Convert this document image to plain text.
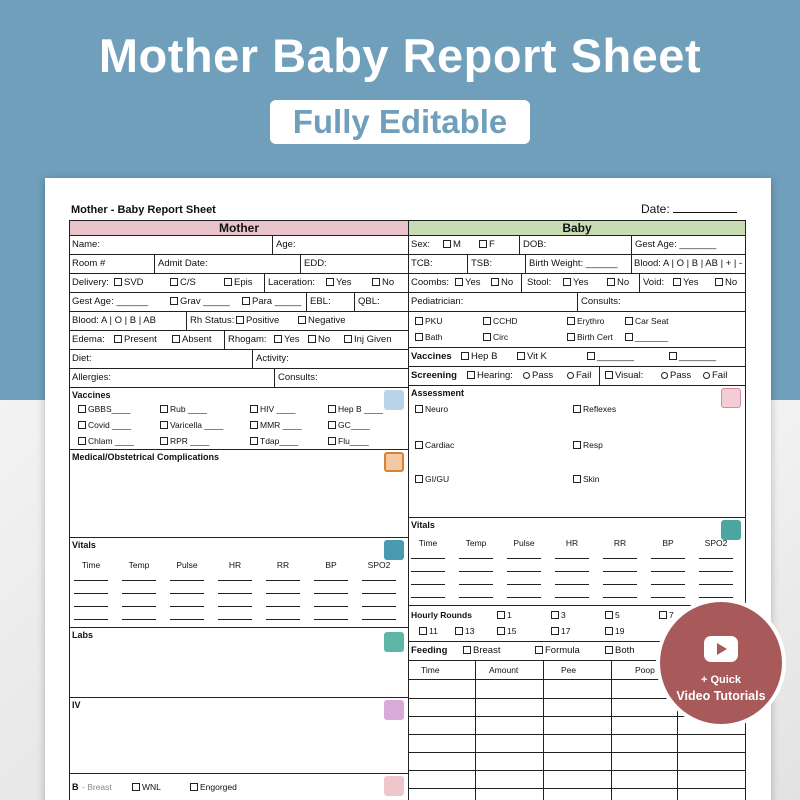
Mother Baby Report Sheet
Fully Editable
Mother - Baby Report Sheet	Date:
Mother
Name:	Age:
Room #	Admit Date:	EDD:
Delivery:	SVD	C/S	Epis Laceration:	Yes	No
Gest Age: ______	Grav _____	Para _____ EBL:	QBL:
Blood: A | O | B | AB	Rh Status:	Positive	Negative
Edema:	Present	Absent Rhogam:	Yes	No	Inj Given
Diet:	Activity:
Allergies:	Consults:
Vaccines
GBBS____	Rub ____	HIV ____	Hep B ____
Covid ____	Varicella ____	MMR ____	GC____
Chlam ____	RPR ____	Tdap____	Flu____
Medical/Obstetrical Complications
Vitals
Time	Temp	Pulse	HR	RR	BP	SPO2
Labs
IV
B - Breast	WNL	Engorged
Baby
Sex:	M	F	DOB:	Gest Age: _______
TCB:	TSB:	Birth Weight: ______ Blood: A | O | B | AB | + | -
Coombs:	Yes	No Stool:	Yes	No Void:	Yes	No
Pediatrician:	Consults:
PKU	CCHD	Erythro	Car Seat
Bath	Circ	Birth Cert	_______
Vaccines	Hep B	Vit K	_______	_______
Screening	Hearing:	Pass	Fail	Visual:	Pass	Fail
Assessment
Neuro	Reflexes
Cardiac	Resp
GI/GU	Skin
Vitals
Time	Temp	Pulse	HR	RR	BP	SPO2
Hourly Rounds	1	3	5	7
11	13	15	17	19
Feeding	Breast	Formula	Both
Time	Amount	Pee	Poop
+ Quick
Video Tutorials
